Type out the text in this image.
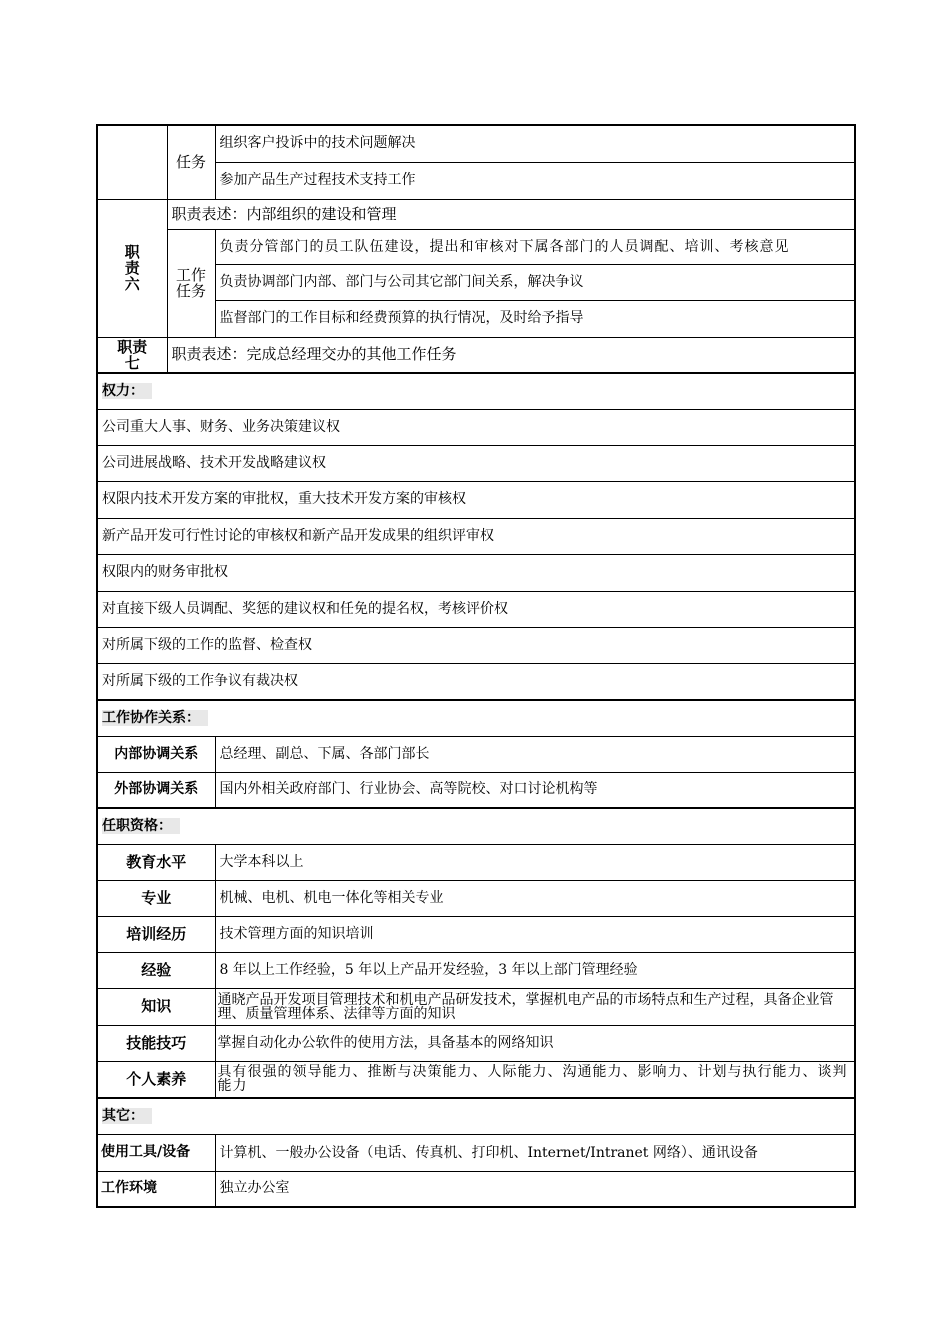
	任务	组织客户投诉中的技术问题解决
		参加产品生产过程技术支持工作

职责六	职责表述：内部组织的建设和管理	

	工作任务	负责分管部门的员工队伍建设，提出和审核对下属各部门的人员调配、培训、考核意见
		负责协调部门内部、部门与公司其它部门间关系，解决争议
		监督部门的工作目标和经费预算的执行情况，及时给予指导

职责七	职责表述：完成总经理交办的其他工作任务	
权力：		
公司重大人事、财务、业务决策建议权		
公司进展战略、技术开发战略建议权		
权限内技术开发方案的审批权，重大技术开发方案的审核权		
新产品开发可行性讨论的审核权和新产品开发成果的组织评审权		
权限内的财务审批权		
对直接下级人员调配、奖惩的建议权和任免的提名权，考核评价权		
对所属下级的工作的监督、检查权		
对所属下级的工作争议有裁决权		
工作协作关系：		
内部协调关系		总经理、副总、下属、各部门部长
外部协调关系		国内外相关政府部门、行业协会、高等院校、对口讨论机构等
任职资格：		
教育水平		大学本科以上
专业		机械、电机、机电一体化等相关专业
培训经历		技术管理方面的知识培训
经验		8 年以上工作经验，5 年以上产品开发经验，3 年以上部门管理经验
知识		通晓产品开发项目管理技术和机电产品研发技术，掌握机电产品的市场特点和生产过程，具备企业管理、质量管理体系、法律等方面的知识
技能技巧		掌握自动化办公软件的使用方法，具备基本的网络知识
个人素养		具有很强的领导能力、推断与决策能力、人际能力、沟通能力、影响力、计划与执行能力、谈判能力
其它：		
使用工具/设备		计算机、一般办公设备（电话、传真机、打印机、Internet/Intranet 网络）、通讯设备
工作环境		独立办公室
